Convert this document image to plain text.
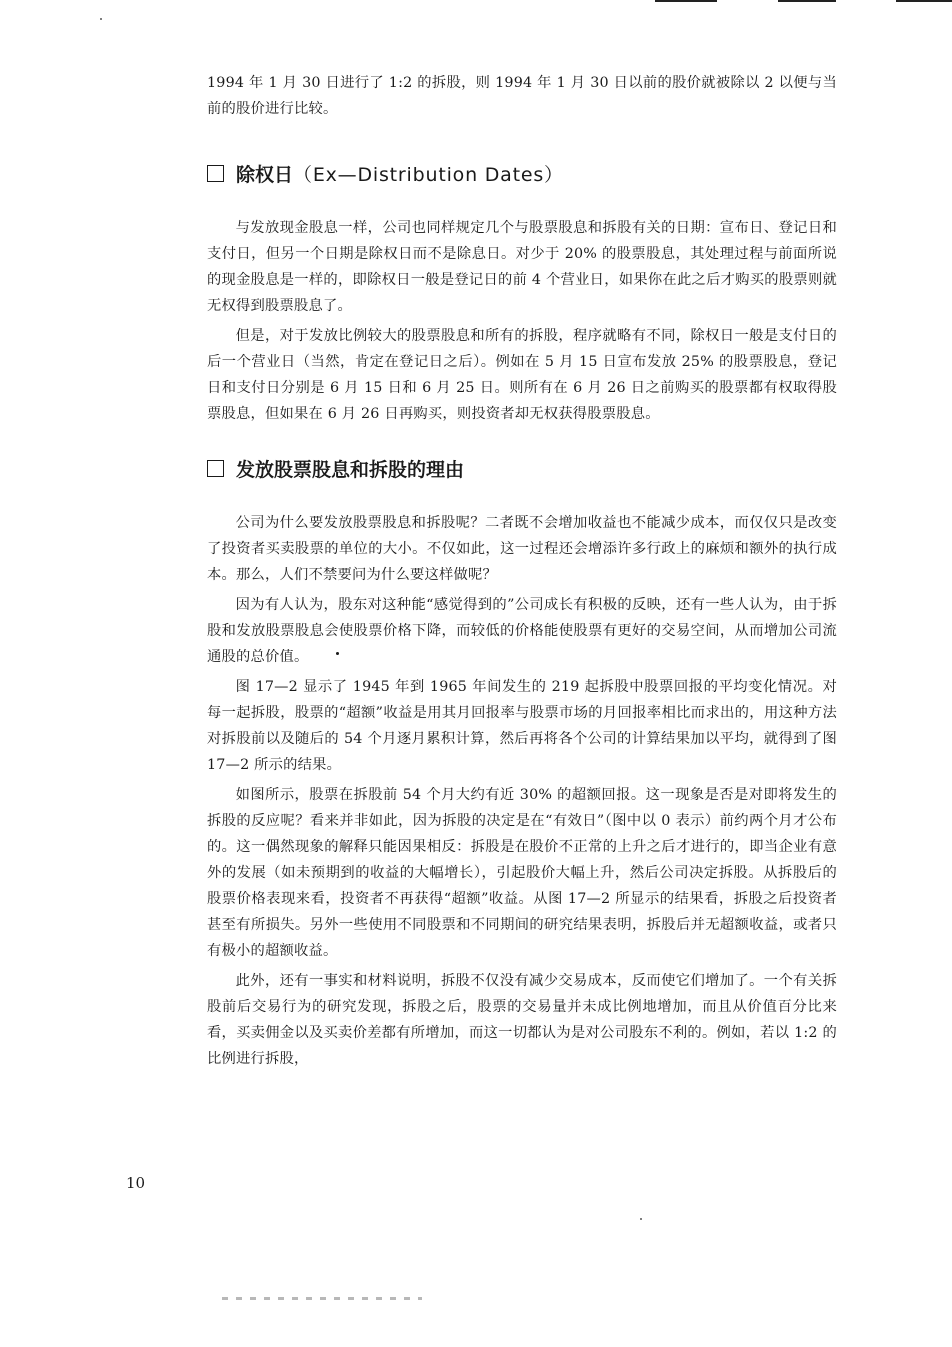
1994 年 1 月 30 日进行了 1:2 的拆股，则 1994 年 1 月 30 日以前的股价就被除以 2 以便与当前的股价进行比较。

除权日 （Ex—Distribution Dates）

与发放现金股息一样，公司也同样规定几个与股票股息和拆股有关的日期：宣布日、登记日和支付日，但另一个日期是除权日而不是除息日。对少于 20% 的股票股息，其处理过程与前面所说的现金股息是一样的，即除权日一般是登记日的前 4 个营业日，如果你在此之后才购买的股票则就无权得到股票股息了。

但是，对于发放比例较大的股票股息和所有的拆股，程序就略有不同，除权日一般是支付日的后一个营业日（当然，肯定在登记日之后）。例如在 5 月 15 日宣布发放 25% 的股票股息，登记日和支付日分别是 6 月 15 日和 6 月 25 日。则所有在 6 月 26 日之前购买的股票都有权取得股票股息，但如果在 6 月 26 日再购买，则投资者却无权获得股票股息。

发放股票股息和拆股的理由

公司为什么要发放股票股息和拆股呢？二者既不会增加收益也不能减少成本，而仅仅只是改变了投资者买卖股票的单位的大小。不仅如此，这一过程还会增添许多行政上的麻烦和额外的执行成本。那么，人们不禁要问为什么要这样做呢？

因为有人认为，股东对这种能“感觉得到的”公司成长有积极的反映，还有一些人认为，由于拆股和发放股票股息会使股票价格下降，而较低的价格能使股票有更好的交易空间，从而增加公司流通股的总价值。

图 17—2 显示了 1945 年到 1965 年间发生的 219 起拆股中股票回报的平均变化情况。对每一起拆股，股票的“超额”收益是用其月回报率与股票市场的月回报率相比而求出的，用这种方法对拆股前以及随后的 54 个月逐月累积计算，然后再将各个公司的计算结果加以平均，就得到了图 17—2 所示的结果。

如图所示，股票在拆股前 54 个月大约有近 30% 的超额回报。这一现象是否是对即将发生的拆股的反应呢？看来并非如此，因为拆股的决定是在“有效日”（图中以 0 表示）前约两个月才公布的。这一偶然现象的解释只能因果相反：拆股是在股价不正常的上升之后才进行的，即当企业有意外的发展（如未预期到的收益的大幅增长），引起股价大幅上升，然后公司决定拆股。从拆股后的股票价格表现来看，投资者不再获得“超额”收益。从图 17—2 所显示的结果看，拆股之后投资者甚至有所损失。另外一些使用不同股票和不同期间的研究结果表明，拆股后并无超额收益，或者只有极小的超额收益。

此外，还有一事实和材料说明，拆股不仅没有减少交易成本，反而使它们增加了。一个有关拆股前后交易行为的研究发现，拆股之后，股票的交易量并未成比例地增加，而且从价值百分比来看，买卖佣金以及买卖价差都有所增加，而这一切都认为是对公司股东不利的。例如，若以 1:2 的比例进行拆股，

10
